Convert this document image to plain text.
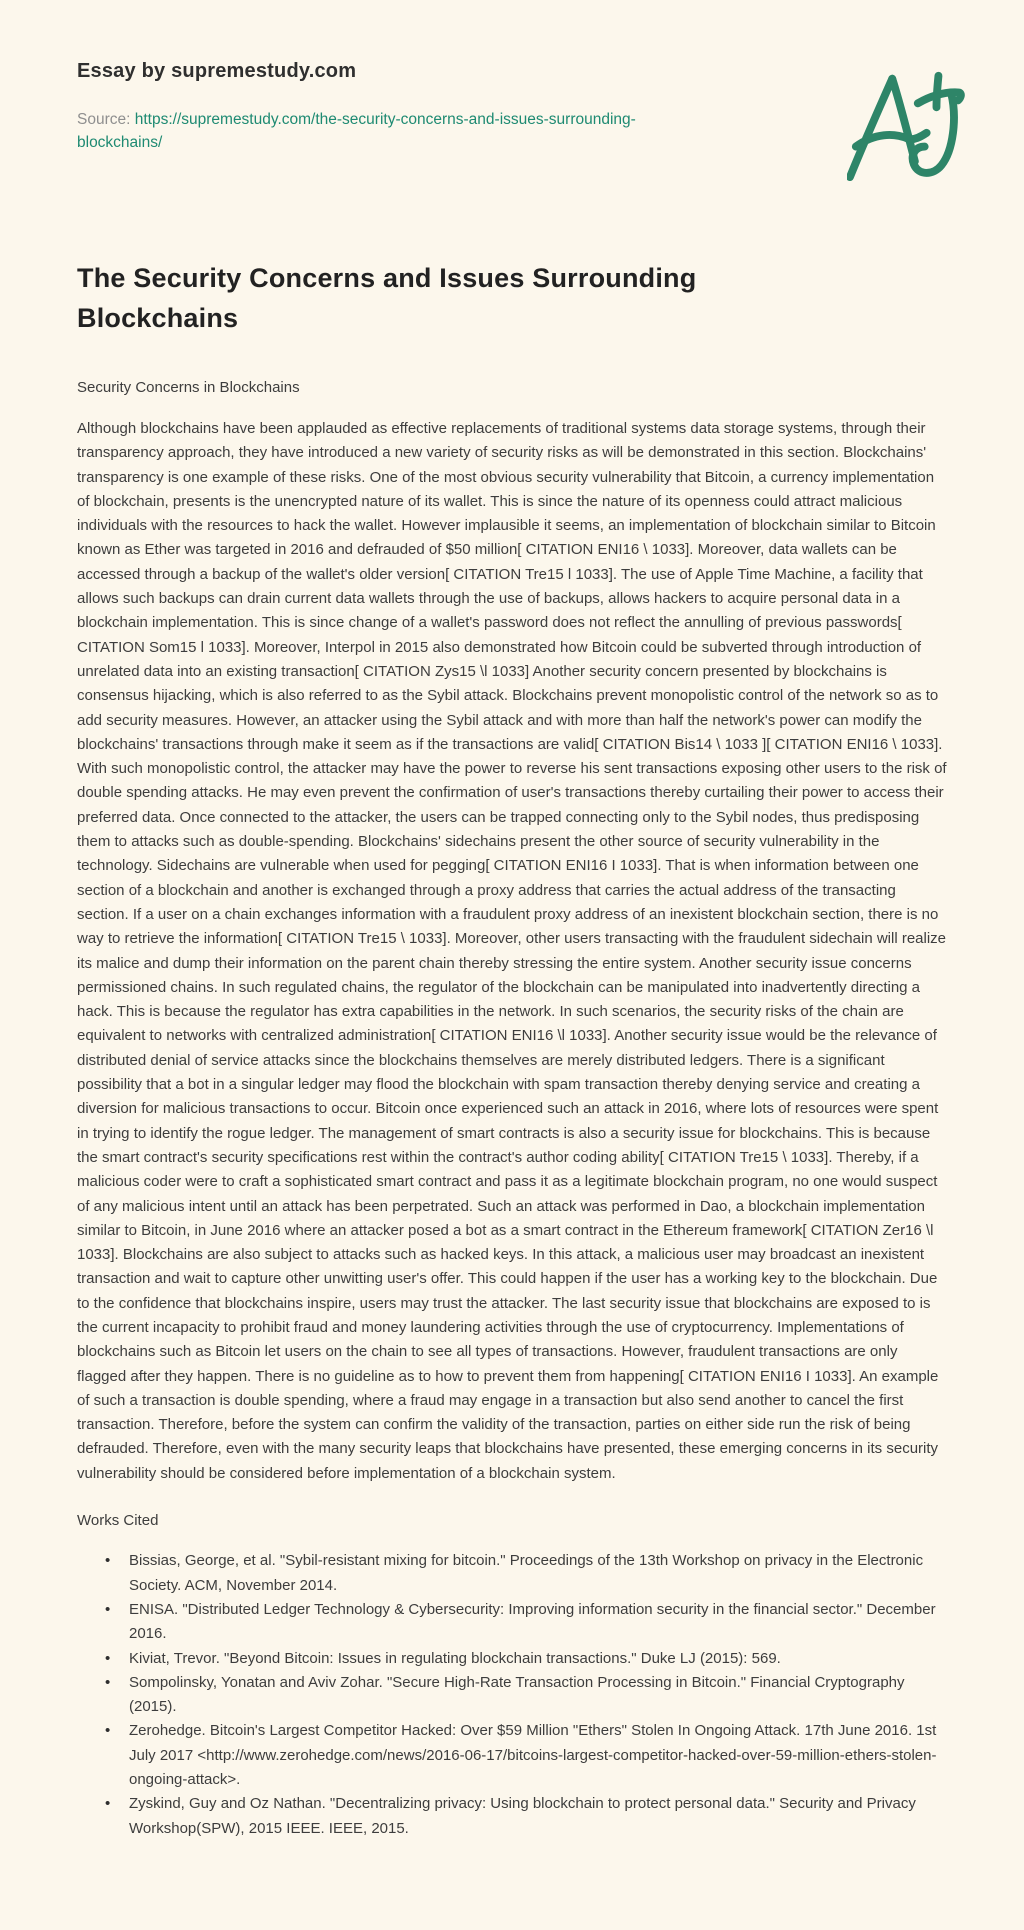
Essay by supremestudy.com

Source: https://supremestudy.com/the-security-concerns-and-issues-surrounding-blockchains/

The Security Concerns and Issues Surrounding Blockchains

Security Concerns in Blockchains

Although blockchains have been applauded as effective replacements of traditional systems data storage systems, through their transparency approach, they have introduced a new variety of security risks as will be demonstrated in this section. Blockchains' transparency is one example of these risks. One of the most obvious security vulnerability that Bitcoin, a currency implementation of blockchain, presents is the unencrypted nature of its wallet. This is since the nature of its openness could attract malicious individuals with the resources to hack the wallet. However implausible it seems, an implementation of blockchain similar to Bitcoin known as Ether was targeted in 2016 and defrauded of $50 million[ CITATION ENI16 \ 1033]. Moreover, data wallets can be accessed through a backup of the wallet's older version[ CITATION Tre15 l 1033]. The use of Apple Time Machine, a facility that allows such backups can drain current data wallets through the use of backups, allows hackers to acquire personal data in a blockchain implementation. This is since change of a wallet's password does not reflect the annulling of previous passwords[ CITATION Som15 l 1033]. Moreover, Interpol in 2015 also demonstrated how Bitcoin could be subverted through introduction of unrelated data into an existing transaction[ CITATION Zys15 \l 1033] Another security concern presented by blockchains is consensus hijacking, which is also referred to as the Sybil attack. Blockchains prevent monopolistic control of the network so as to add security measures. However, an attacker using the Sybil attack and with more than half the network's power can modify the blockchains' transactions through make it seem as if the transactions are valid[ CITATION Bis14 \ 1033 ][ CITATION ENI16 \ 1033]. With such monopolistic control, the attacker may have the power to reverse his sent transactions exposing other users to the risk of double spending attacks. He may even prevent the confirmation of user's transactions thereby curtailing their power to access their preferred data. Once connected to the attacker, the users can be trapped connecting only to the Sybil nodes, thus predisposing them to attacks such as double-spending. Blockchains' sidechains present the other source of security vulnerability in the technology. Sidechains are vulnerable when used for pegging[ CITATION ENI16 I 1033]. That is when information between one section of a blockchain and another is exchanged through a proxy address that carries the actual address of the transacting section. If a user on a chain exchanges information with a fraudulent proxy address of an inexistent blockchain section, there is no way to retrieve the information[ CITATION Tre15 \ 1033]. Moreover, other users transacting with the fraudulent sidechain will realize its malice and dump their information on the parent chain thereby stressing the entire system. Another security issue concerns permissioned chains. In such regulated chains, the regulator of the blockchain can be manipulated into inadvertently directing a hack. This is because the regulator has extra capabilities in the network. In such scenarios, the security risks of the chain are equivalent to networks with centralized administration[ CITATION ENI16 \l 1033]. Another security issue would be the relevance of distributed denial of service attacks since the blockchains themselves are merely distributed ledgers. There is a significant possibility that a bot in a singular ledger may flood the blockchain with spam transaction thereby denying service and creating a diversion for malicious transactions to occur. Bitcoin once experienced such an attack in 2016, where lots of resources were spent in trying to identify the rogue ledger. The management of smart contracts is also a security issue for blockchains. This is because the smart contract's security specifications rest within the contract's author coding ability[ CITATION Tre15 \ 1033]. Thereby, if a malicious coder were to craft a sophisticated smart contract and pass it as a legitimate blockchain program, no one would suspect of any malicious intent until an attack has been perpetrated. Such an attack was performed in Dao, a blockchain implementation similar to Bitcoin, in June 2016 where an attacker posed a bot as a smart contract in the Ethereum framework[ CITATION Zer16 \l 1033]. Blockchains are also subject to attacks such as hacked keys. In this attack, a malicious user may broadcast an inexistent transaction and wait to capture other unwitting user's offer. This could happen if the user has a working key to the blockchain. Due to the confidence that blockchains inspire, users may trust the attacker. The last security issue that blockchains are exposed to is the current incapacity to prohibit fraud and money laundering activities through the use of cryptocurrency. Implementations of blockchains such as Bitcoin let users on the chain to see all types of transactions. However, fraudulent transactions are only flagged after they happen. There is no guideline as to how to prevent them from happening[ CITATION ENI16 I 1033]. An example of such a transaction is double spending, where a fraud may engage in a transaction but also send another to cancel the first transaction. Therefore, before the system can confirm the validity of the transaction, parties on either side run the risk of being defrauded. Therefore, even with the many security leaps that blockchains have presented, these emerging concerns in its security vulnerability should be considered before implementation of a blockchain system.

Works Cited

• Bissias, George, et al. "Sybil-resistant mixing for bitcoin." Proceedings of the 13th Workshop on privacy in the Electronic Society. ACM, November 2014.
• ENISA. "Distributed Ledger Technology & Cybersecurity: Improving information security in the financial sector." December 2016.
• Kiviat, Trevor. "Beyond Bitcoin: Issues in regulating blockchain transactions." Duke LJ (2015): 569.
• Sompolinsky, Yonatan and Aviv Zohar. "Secure High-Rate Transaction Processing in Bitcoin." Financial Cryptography (2015).
• Zerohedge. Bitcoin's Largest Competitor Hacked: Over $59 Million "Ethers" Stolen In Ongoing Attack. 17th June 2016. 1st July 2017 <http://www.zerohedge.com/news/2016-06-17/bitcoins-largest-competitor-hacked-over-59-million-ethers-stolen-ongoing-attack>.
• Zyskind, Guy and Oz Nathan. "Decentralizing privacy: Using blockchain to protect personal data." Security and Privacy Workshop(SPW), 2015 IEEE. IEEE, 2015.
